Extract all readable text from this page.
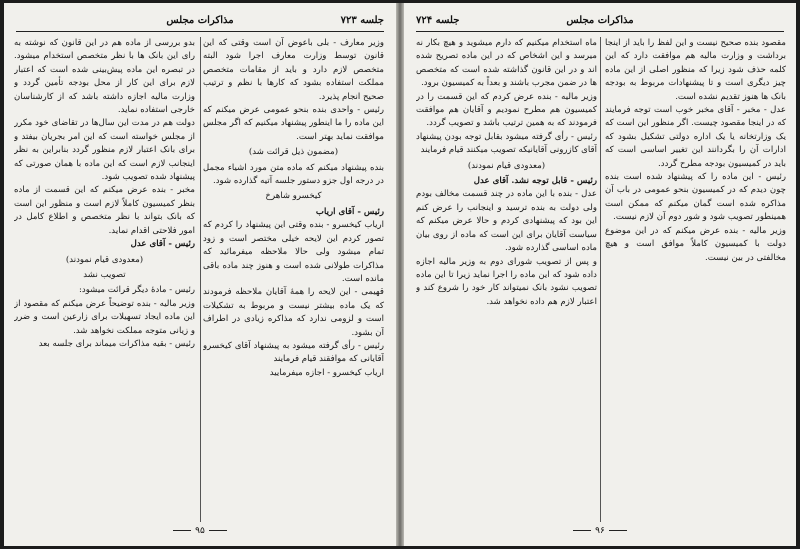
جلسه ۷۲۳
مذاکرات مجلس

وزیر معارف - بلی باعوض آن است وقتی که این قانون توسط وزارت معارف اجرا شود البته متخصص لازم دارد و باید از مقامات متخصص مملکت استفاده بشود که کارها با نظم و ترتیب صحیح انجام پذیرد.

رئیس - واحدی بنده بنحو عمومی عرض میکنم که این ماده را ما اینطور پیشنهاد میکنیم که اگر مجلس موافقت نماید بهتر است.

(مضمون ذیل قرائت شد)

بنده پیشنهاد میکنم که ماده متن مورد اشیاء مجمل در درجه اول جزو دستور جلسه آتیه گذارده شود.

کیخسرو شاهرخ

رئیس - آقای اریاب

اریاب کیخسرو - بنده وقتی این پیشنهاد را کردم که تصور کردم این لایحه خیلی مختصر است و زود تمام میشود ولی حالا ملاحظه میفرمائید که مذاکرات طولانی شده است و هنوز چند ماده باقی مانده است.

قهیمی - این لایحه را همهٔ آقایان ملاحظه فرمودند که یک ماده بیشتر نیست و مربوط به تشکیلات است و لزومی ندارد که مذاکره زیادی در اطراف آن بشود.

رئیس - رأی گرفته میشود به پیشنهاد آقای کیخسرو آقایانی که موافقند قیام فرمایند

اریاب کیخسرو - اجازه میفرمایید

بدو بررسی از ماده هم در این قانون که نوشته به رای این بانک ها با نظر متخصص استخدام میشود. در تبصره این ماده پیش‌بینی شده است که اعتبار لازم برای این کار از محل بودجه تأمین گردد و وزارت مالیه اجازه داشته باشد که از کارشناسان خارجی استفاده نماید.

دولت هم در مدت این سال‌ها در تقاضای خود مکرر از مجلس خواسته است که این امر بجریان بیفتد و برای بانک اعتبار لازم منظور گردد بنابراین به نظر اینجانب لازم است که این ماده با همان صورتی که پیشنهاد شده تصویب شود.

مخبر - بنده عرض میکنم که این قسمت از ماده بنظر کمیسیون کاملاً لازم است و منظور این است که بانک بتواند با نظر متخصص و اطلاع کامل در امور فلاحتی اقدام نماید.

رئیس - آقای عدل

(معدودی قیام نمودند)

تصویب نشد

رئیس - مادهٔ دیگر قرائت میشود:

وزیر مالیه - بنده توضیحاً عرض میکنم که مقصود از این ماده ایجاد تسهیلات برای زارعین است و ضرر و زیانی متوجه مملکت نخواهد شد.

رئیس - بقیه مذاکرات میماند برای جلسه بعد

۹۵
مذاکرات مجلس
جلسه ۷۲۴

مقصود بنده صحیح نیست و این لفظ را باید از اینجا برداشت و وزارت مالیه هم موافقت دارد که این کلمه حذف شود زیرا که منظور اصلی از این ماده چیز دیگری است و تا پیشنهادات مربوط به بودجه بانک ها هنوز تقدیم نشده است.

عدل - مخبر - آقای مخبر خوب است توجه فرمایند که در اینجا مقصود چیست. اگر منظور این است که یک وزارتخانه یا یک اداره دولتی تشکیل بشود که ادارات آن را بگردانند این تغییر اساسی است که باید در کمیسیون بودجه مطرح گردد.

رئیس - این ماده را که پیشنهاد شده است بنده چون دیدم که در کمیسیون بنحو عمومی در باب آن مذاکره شده است گمان میکنم که ممکن است همینطور تصویب شود و شور دوم آن لازم نیست.

وزیر مالیه - بنده عرض میکنم که در این موضوع دولت با کمیسیون کاملاً موافق است و هیچ مخالفتی در بین نیست.

ماه استخدام میکنیم که دارم میشوید و هیچ بکار نه میرسد و این اشخاص که در این ماده تصریح شده اند و در این قانون گذاشته شده است که متخصص ها در ضمن مجرب باشند و بعداً به کمیسیون برود.

وزیر مالیه - بنده عرض کردم که این قسمت را در کمیسیون هم مطرح نمودیم و آقایان هم موافقت فرمودند که به همین ترتیب باشد و تصویب گردد.

رئیس - رأی گرفته میشود بقابل توجه بودن پیشنهاد آقای کازرونی آقایانیکه تصویب میکنند قیام فرمایند

(معدودی قیام نمودند)

رئیس - قابل توجه نشد. آقای عدل

عدل - بنده با این ماده در چند قسمت مخالف بودم ولی دولت به بنده ترسید و اینجانب را عرض کنم این بود که پیشنهادی کردم و حالا عرض میکنم که سیاست آقایان برای این است که ماده از روی بیان ماده اساسی گذارده شود.

و پس از تصویب شورای دوم به وزیر مالیه اجازه داده شود که این ماده را اجرا نماید زیرا تا این ماده تصویب نشود بانک نمیتواند کار خود را شروع کند و اعتبار لازم هم داده نخواهد شد.

۹۶
